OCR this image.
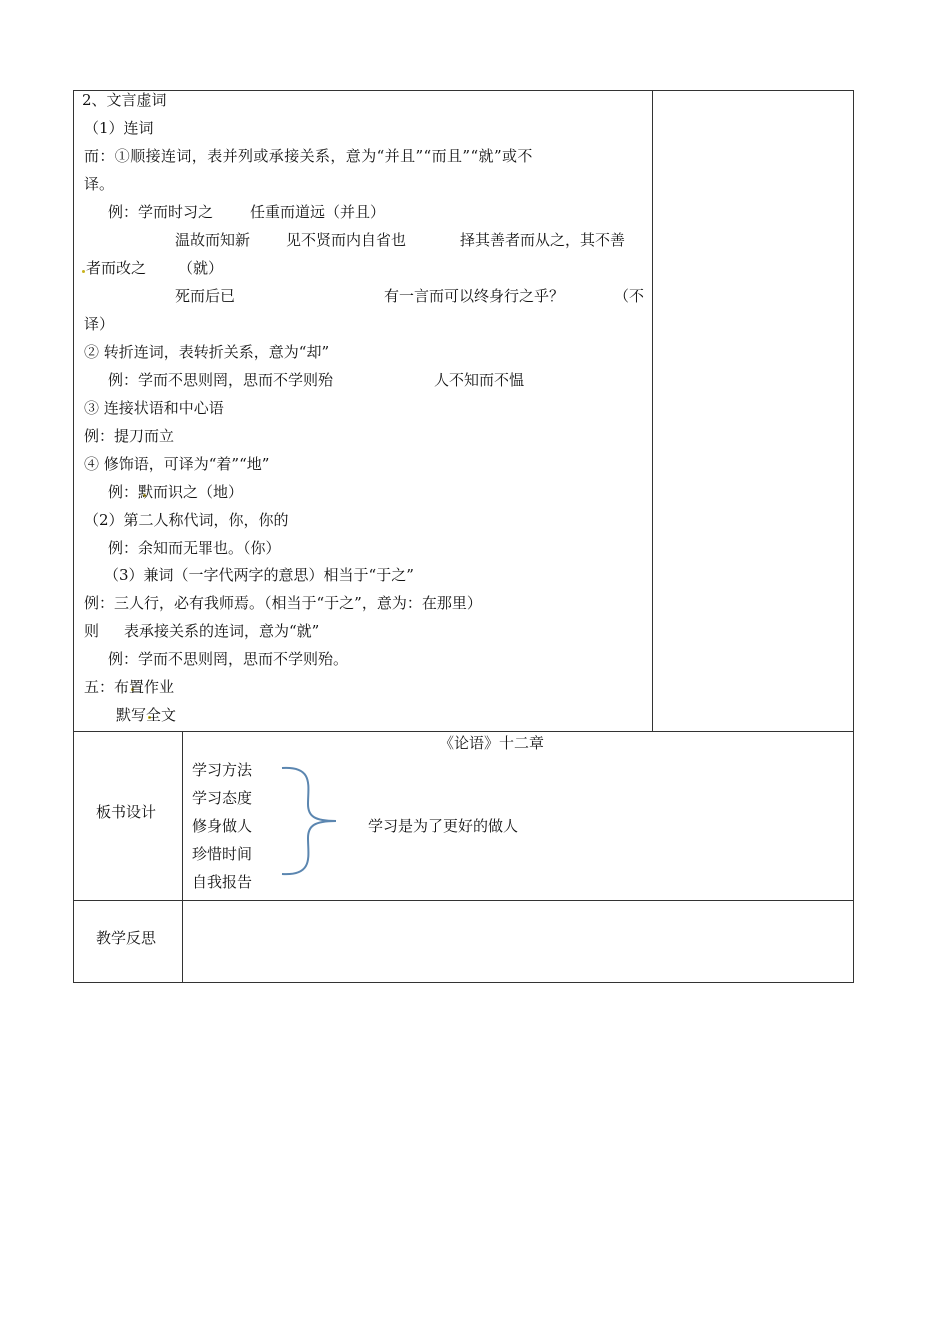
2、文言虚词
（1）连词
而：①顺接连词，表并列或承接关系，意为“并且”“而且”“就”或不
译。
例：学而时习之 任重而道远（并且）
温故而知新 见不贤而内自省也	择其善者而从之，其不善
者而改之 （就）
死而后已	有一言而可以终身行之乎？	（不
译）
② 转折连词，表转折关系，意为“却”
例：学而不思则罔，思而不学则殆	人不知而不愠
③ 连接状语和中心语
例：提刀而立
④ 修饰语，可译为“着”“地”
例：默而识之（地）
（2）第二人称代词，你，你的
例：余知而无罪也。（你）
（3）兼词（一字代两字的意思）相当于“于之”
例：三人行，必有我师焉。（相当于“于之”，意为：在那里）
则 表承接关系的连词，意为“就”
例：学而不思则罔，思而不学则殆。
五：布置作业
默写全文
板书设计
《论语》十二章
学习方法
学习态度
修身做人
珍惜时间
自我报告
学习是为了更好的做人
教学反思
